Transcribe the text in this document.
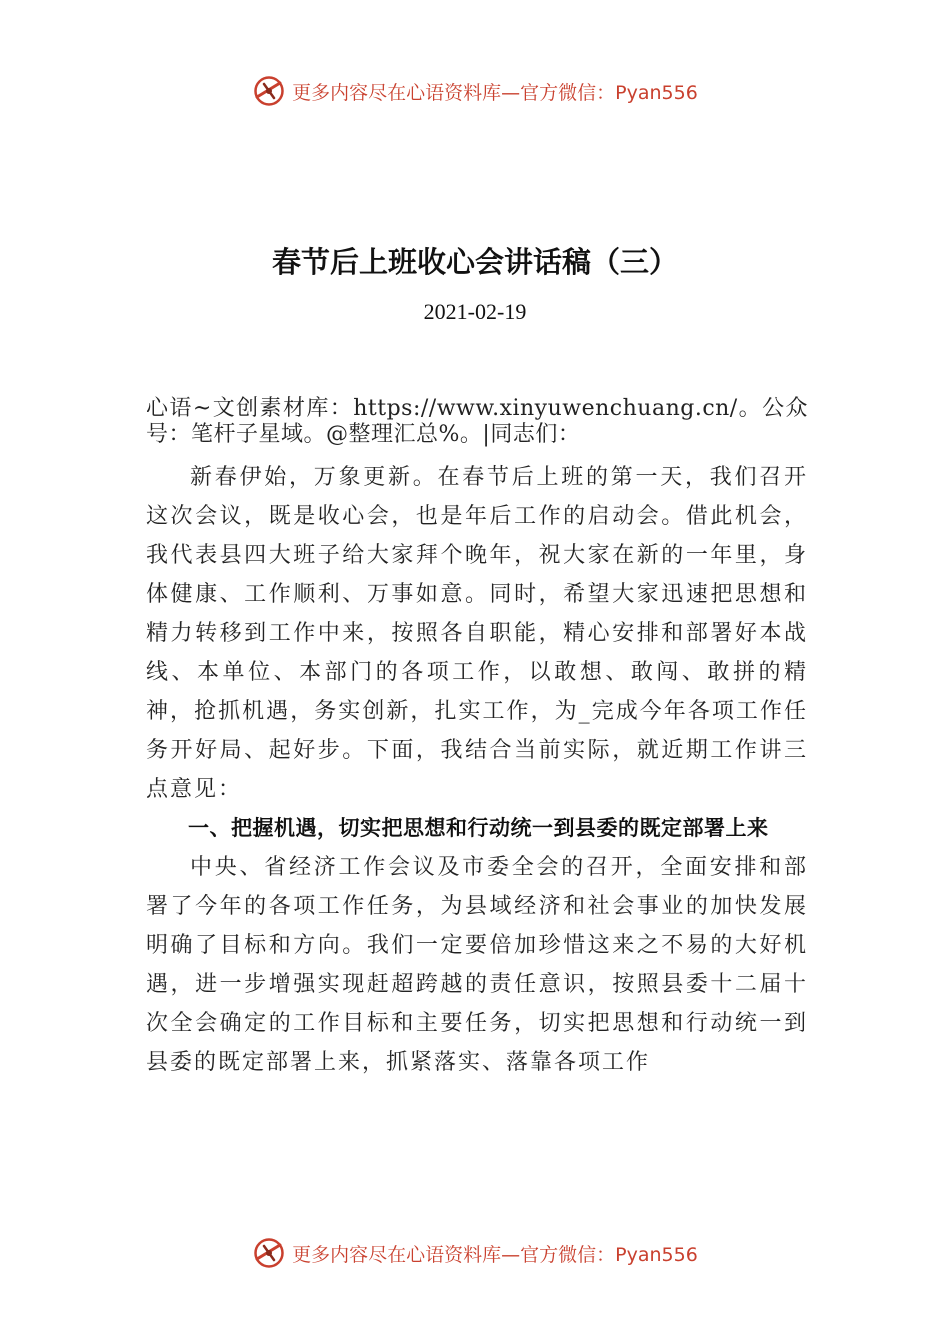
更多内容尽在心语资料库—官方微信：Pyan556
春节后上班收心会讲话稿（三）
2021-02-19

心语~文创素材库：https://www.xinyuwenchuang.cn/。公众号：笔杆子星域。@整理汇总%。|同志们：

新春伊始，万象更新。在春节后上班的第一天，我们召开这次会议，既是收心会，也是年后工作的启动会。借此机会，我代表县四大班子给大家拜个晚年，祝大家在新的一年里，身体健康、工作顺利、万事如意。同时，希望大家迅速把思想和精力转移到工作中来，按照各自职能，精心安排和部署好本战线、本单位、本部门的各项工作，以敢想、敢闯、敢拼的精神，抢抓机遇，务实创新，扎实工作，为_完成今年各项工作任务开好局、起好步。下面，我结合当前实际，就近期工作讲三点意见：

一、把握机遇，切实把思想和行动统一到县委的既定部署上来

中央、省经济工作会议及市委全会的召开，全面安排和部署了今年的各项工作任务，为县域经济和社会事业的加快发展明确了目标和方向。我们一定要倍加珍惜这来之不易的大好机遇，进一步增强实现赶超跨越的责任意识，按照县委十二届十次全会确定的工作目标和主要任务，切实把思想和行动统一到县委的既定部署上来，抓紧落实、落靠各项工作

更多内容尽在心语资料库—官方微信：Pyan556
